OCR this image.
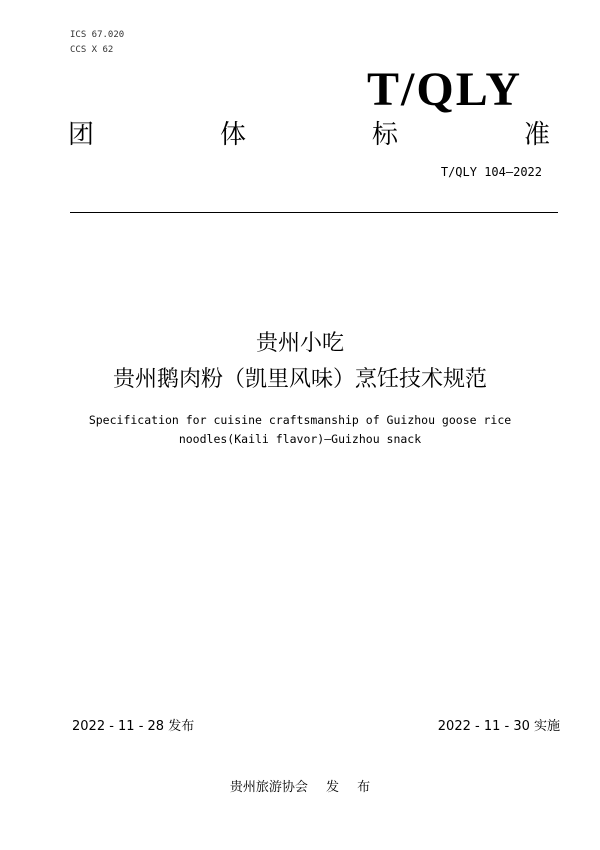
ICS 67.020
CCS X 62
T/QLY
团	体	标	准
T/QLY 104—2022
贵州小吃
贵州鹅肉粉（凯里风味）烹饪技术规范
Specification for cuisine craftsmanship of Guizhou goose rice
noodles(Kaili flavor)—Guizhou snack
2022 - 11 - 28 发布	2022 - 11 - 30 实施
贵州旅游协会 发 布
